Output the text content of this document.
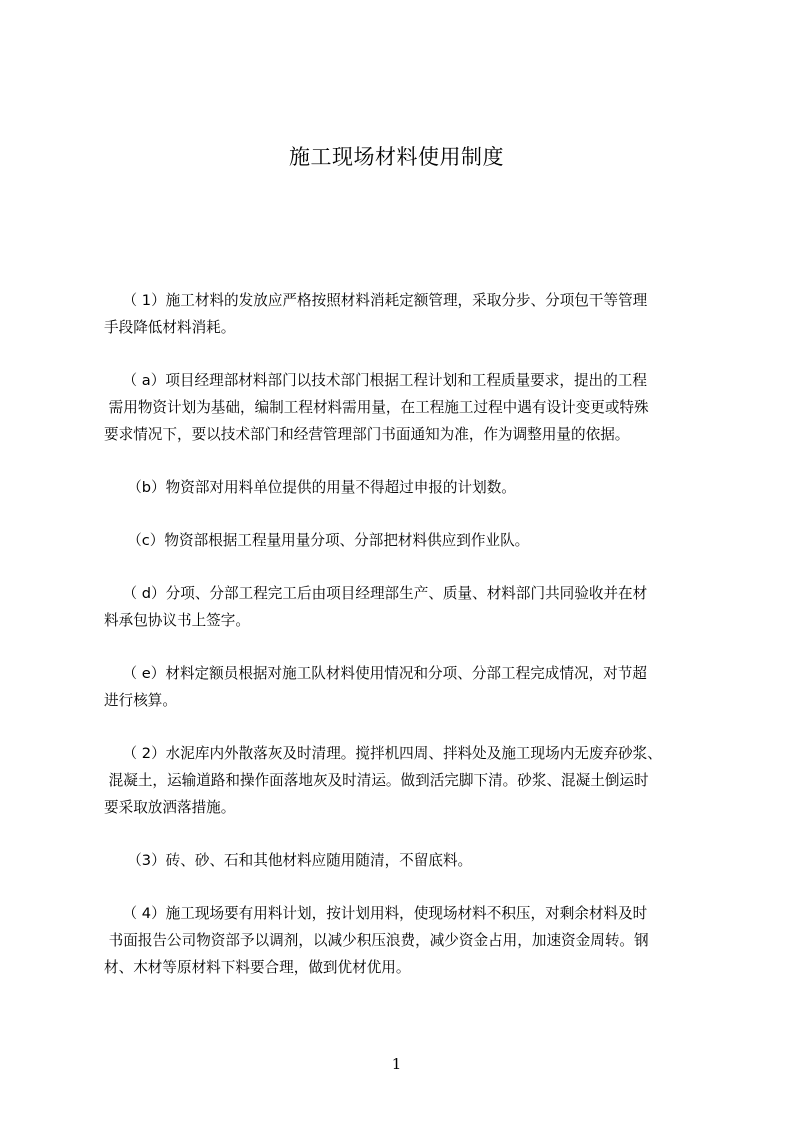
施工现场材料使用制度
（ 1）施工材料的发放应严格按照材料消耗定额管理，采取分步、分项包干等管理
手段降低材料消耗。
（ a）项目经理部材料部门以技术部门根据工程计划和工程质量要求，提出的工程
需用物资计划为基础，编制工程材料需用量，在工程施工过程中遇有设计变更或特殊
要求情况下，要以技术部门和经营管理部门书面通知为准，作为调整用量的依据。
（b）物资部对用料单位提供的用量不得超过申报的计划数。
（c）物资部根据工程量用量分项、分部把材料供应到作业队。
（ d）分项、分部工程完工后由项目经理部生产、质量、材料部门共同验收并在材
料承包协议书上签字。
（ e）材料定额员根据对施工队材料使用情况和分项、分部工程完成情况，对节超
进行核算。
（ 2）水泥库内外散落灰及时清理。搅拌机四周、拌料处及施工现场内无废弃砂浆、
混凝土，运输道路和操作面落地灰及时清运。做到活完脚下清。砂浆、混凝土倒运时
要采取放洒落措施。
（3）砖、砂、石和其他材料应随用随清，不留底料。
（ 4）施工现场要有用料计划，按计划用料，使现场材料不积压，对剩余材料及时
书面报告公司物资部予以调剂，以减少积压浪费，减少资金占用，加速资金周转。钢
材、木材等原材料下料要合理，做到优材优用。
1
